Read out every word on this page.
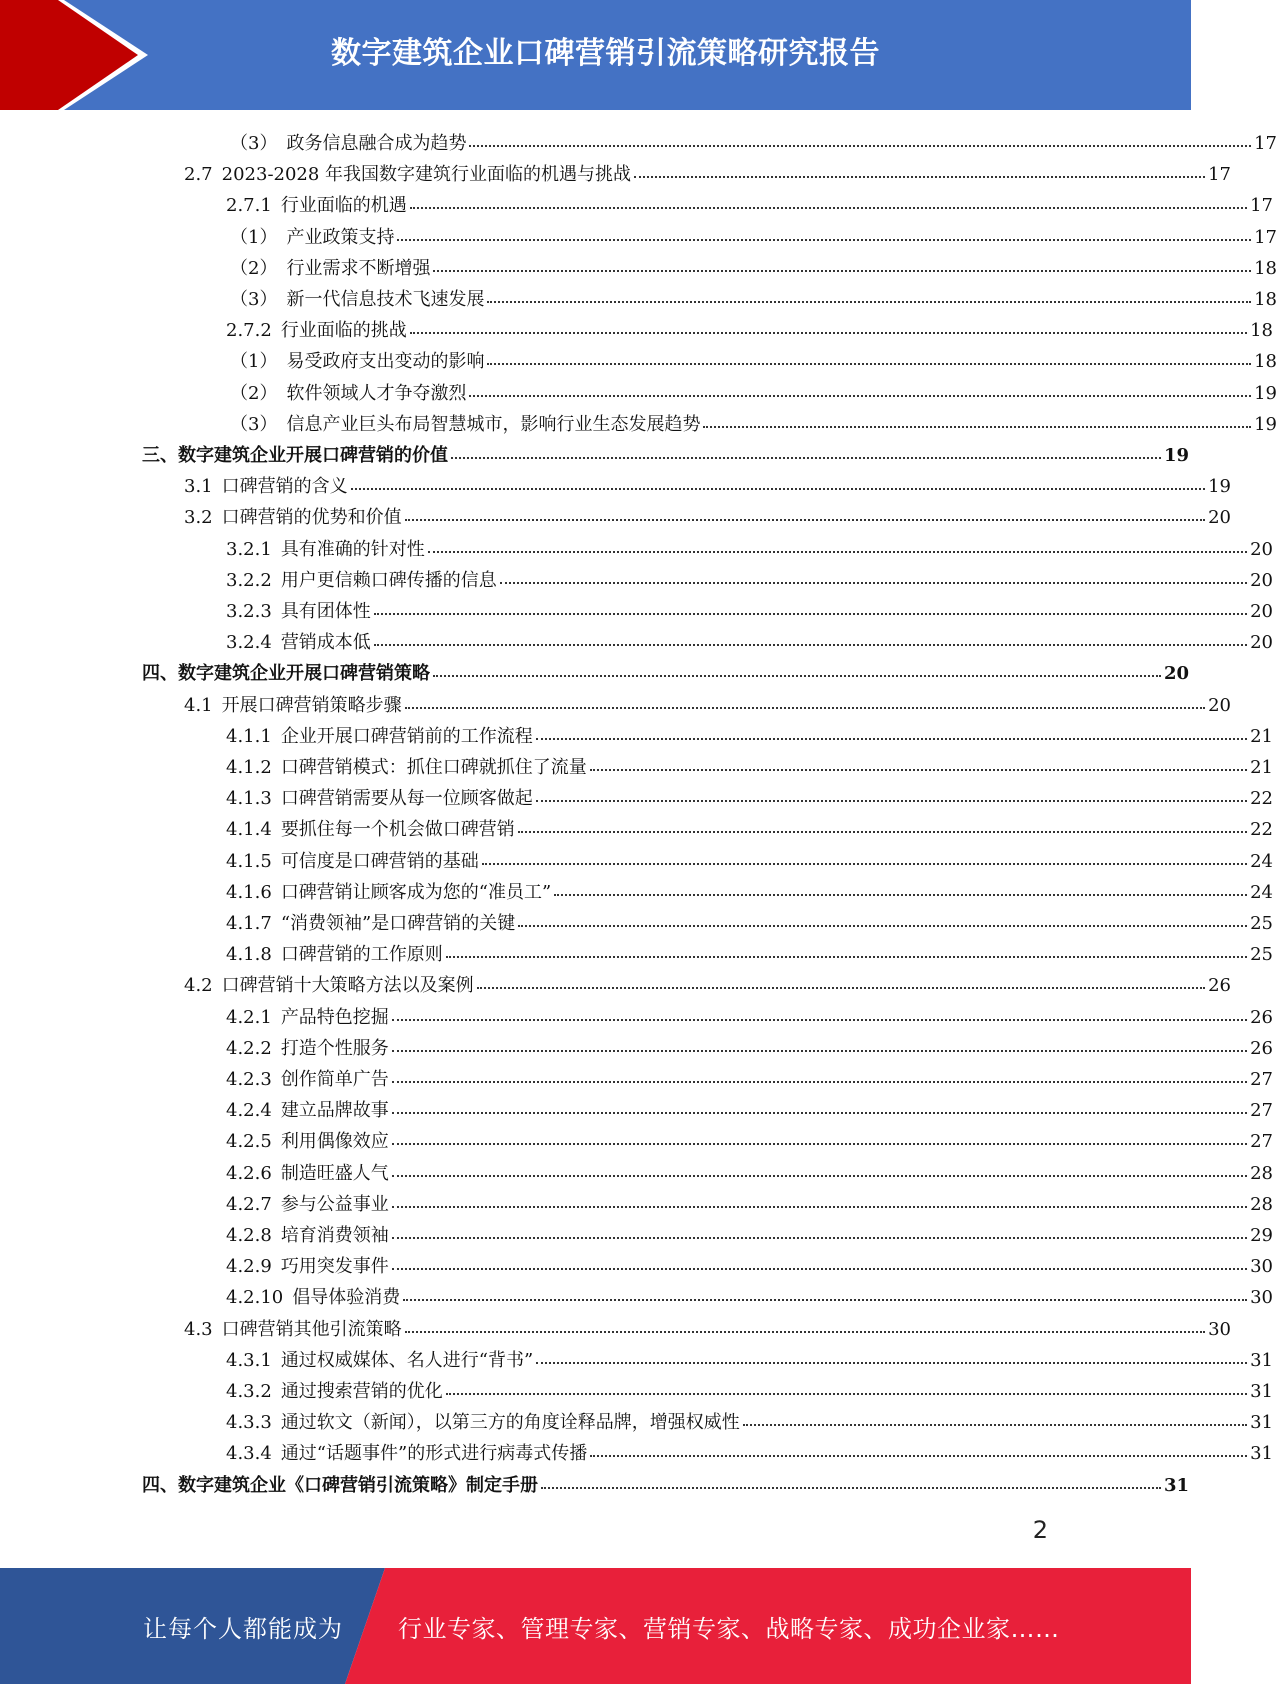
数字建筑企业口碑营销引流策略研究报告
（3） 政务信息融合成为趋势	17
2.7 2023-2028 年我国数字建筑行业面临的机遇与挑战	17
2.7.1 行业面临的机遇	17
（1） 产业政策支持	17
（2） 行业需求不断增强	18
（3） 新一代信息技术飞速发展	18
2.7.2 行业面临的挑战	18
（1） 易受政府支出变动的影响	18
（2） 软件领域人才争夺激烈	19
（3） 信息产业巨头布局智慧城市，影响行业生态发展趋势	19
三、 数字建筑企业开展口碑营销的价值	19
3.1 口碑营销的含义	19
3.2 口碑营销的优势和价值	20
3.2.1 具有准确的针对性	20
3.2.2 用户更信赖口碑传播的信息	20
3.2.3 具有团体性	20
3.2.4 营销成本低	20
四、 数字建筑企业开展口碑营销策略	20
4.1 开展口碑营销策略步骤	20
4.1.1 企业开展口碑营销前的工作流程	21
4.1.2 口碑营销模式：抓住口碑就抓住了流量	21
4.1.3 口碑营销需要从每一位顾客做起	22
4.1.4 要抓住每一个机会做口碑营销	22
4.1.5 可信度是口碑营销的基础	24
4.1.6 口碑营销让顾客成为您的“准员工”	24
4.1.7 “消费领袖”是口碑营销的关键	25
4.1.8 口碑营销的工作原则	25
4.2 口碑营销十大策略方法以及案例	26
4.2.1 产品特色挖掘	26
4.2.2 打造个性服务	26
4.2.3 创作简单广告	27
4.2.4 建立品牌故事	27
4.2.5 利用偶像效应	27
4.2.6 制造旺盛人气	28
4.2.7 参与公益事业	28
4.2.8 培育消费领袖	29
4.2.9 巧用突发事件	30
4.2.10 倡导体验消费	30
4.3 口碑营销其他引流策略	30
4.3.1 通过权威媒体、名人进行“背书”	31
4.3.2 通过搜索营销的优化	31
4.3.3 通过软文（新闻），以第三方的角度诠释品牌，增强权威性	31
4.3.4 通过“话题事件”的形式进行病毒式传播	31
四、 数字建筑企业《口碑营销引流策略》制定手册	31
2
让每个人都能成为 行业专家、管理专家、营销专家、战略专家、成功企业家……
